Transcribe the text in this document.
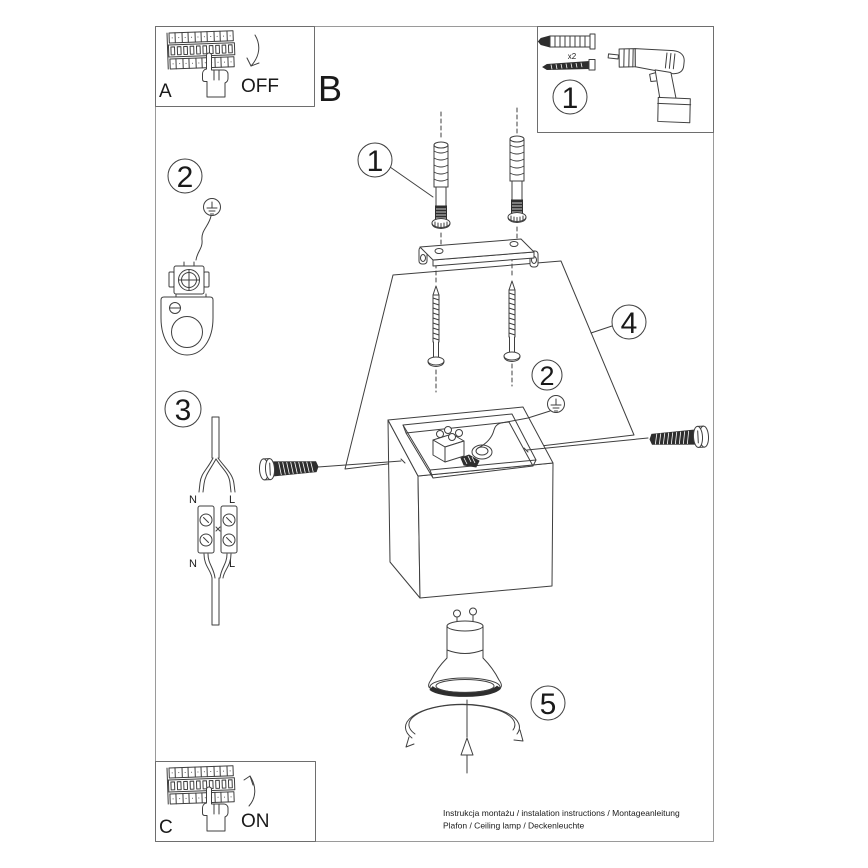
A	OFF B
x2
1
2
3
N	L
N	L
4
1
2
5
C	ON	Instrukcja montażu / instalation instructions / Montageanleitung
Plafon / Ceiling lamp / Deckenleuchte
